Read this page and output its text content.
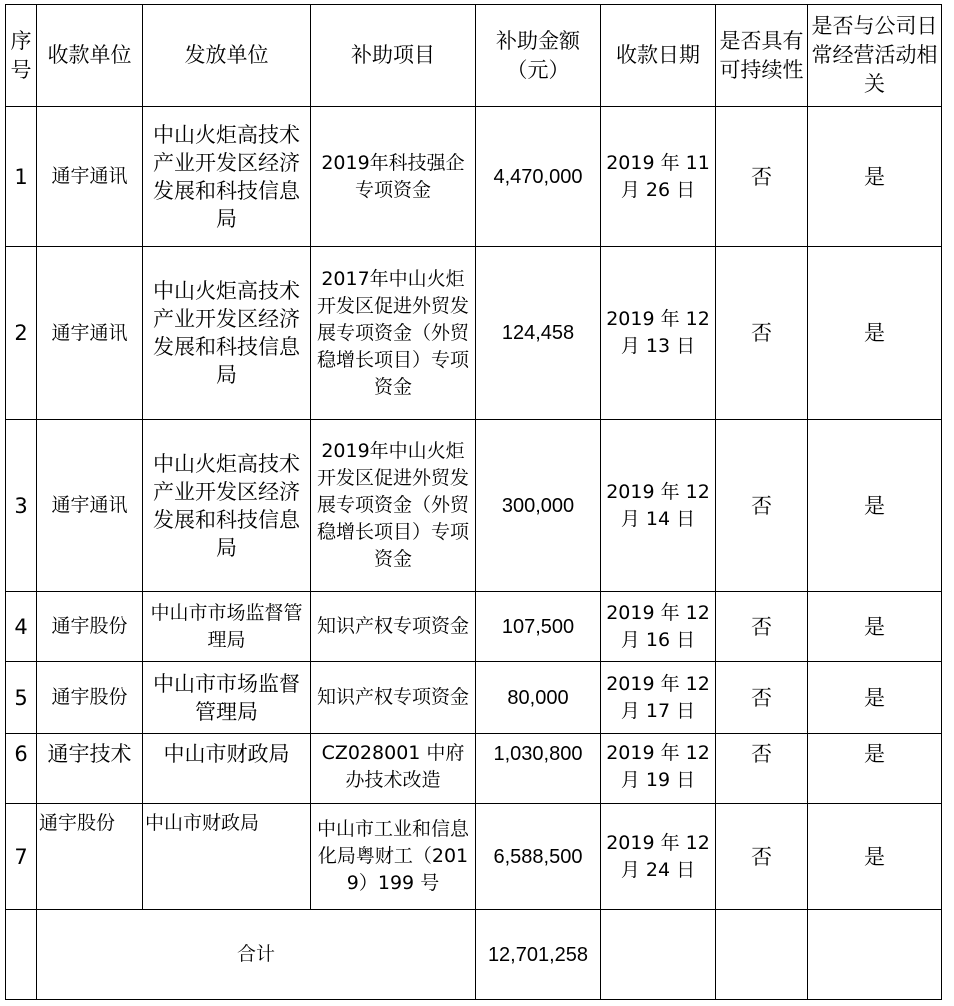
序号	收款单位	发放单位	补助项目	补助金额（元）	收款日期	是否具有可持续性	是否与公司日常经营活动相关
1	通宇通讯	中山火炬高技术产业开发区经济发展和科技信息局	2019年科技强企专项资金	4,470,000	2019 年 11 月 26 日	否	是
2	通宇通讯	中山火炬高技术产业开发区经济发展和科技信息局	2017年中山火炬开发区促进外贸发展专项资金（外贸稳增长项目）专项资金	124,458	2019 年 12 月 13 日	否	是
3	通宇通讯	中山火炬高技术产业开发区经济发展和科技信息局	2019年中山火炬开发区促进外贸发展专项资金（外贸稳增长项目）专项资金	300,000	2019 年 12 月 14 日	否	是
4	通宇股份	中山市市场监督管理局	知识产权专项资金	107,500	2019 年 12 月 16 日	否	是
5	通宇股份	中山市市场监督管理局	知识产权专项资金	80,000	2019 年 12 月 17 日	否	是
6	通宇技术	中山市财政局	CZ028001 中府办技术改造	1,030,800	2019 年 12 月 19 日	否	是
7	通宇股份	中山市财政局	中山市工业和信息化局粤财工（2019）199 号	6,588,500	2019 年 12 月 24 日	否	是
	合计			12,701,258			
